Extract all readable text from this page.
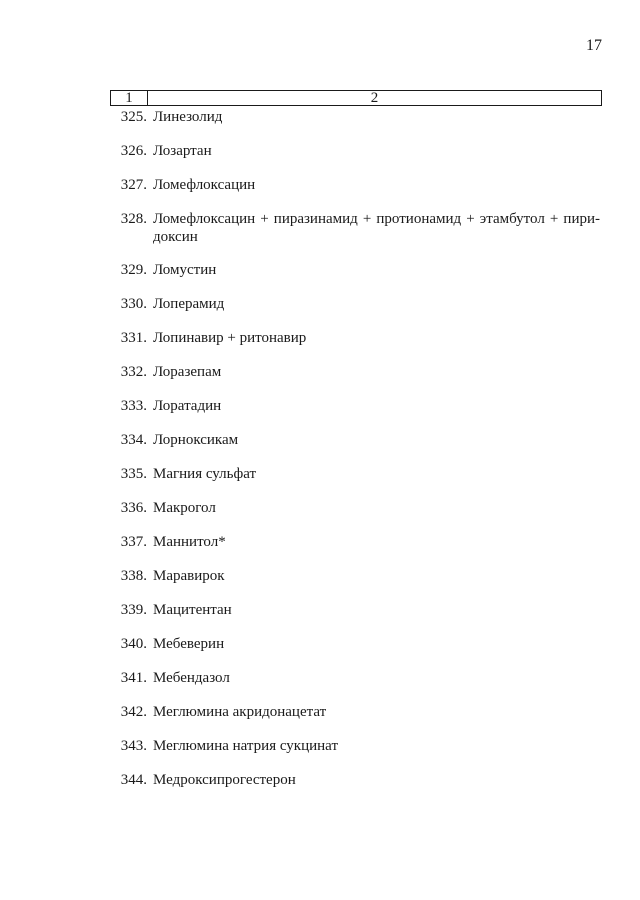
17
1	2
325. Линезолид
326. Лозартан
327. Ломефлоксацин
328. Ломефлоксацин + пиразинамид + протионамид + этамбутол + пири-
доксин
329. Ломустин
330. Лоперамид
331. Лопинавир + ритонавир
332. Лоразепам
333. Лоратадин
334. Лорноксикам
335. Магния сульфат
336. Макрогол
337. Маннитол*
338. Маравирок
339. Мацитентан
340. Мебеверин
341. Мебендазол
342. Меглюмина акридонацетат
343. Меглюмина натрия сукцинат
344. Медроксипрогестерон
